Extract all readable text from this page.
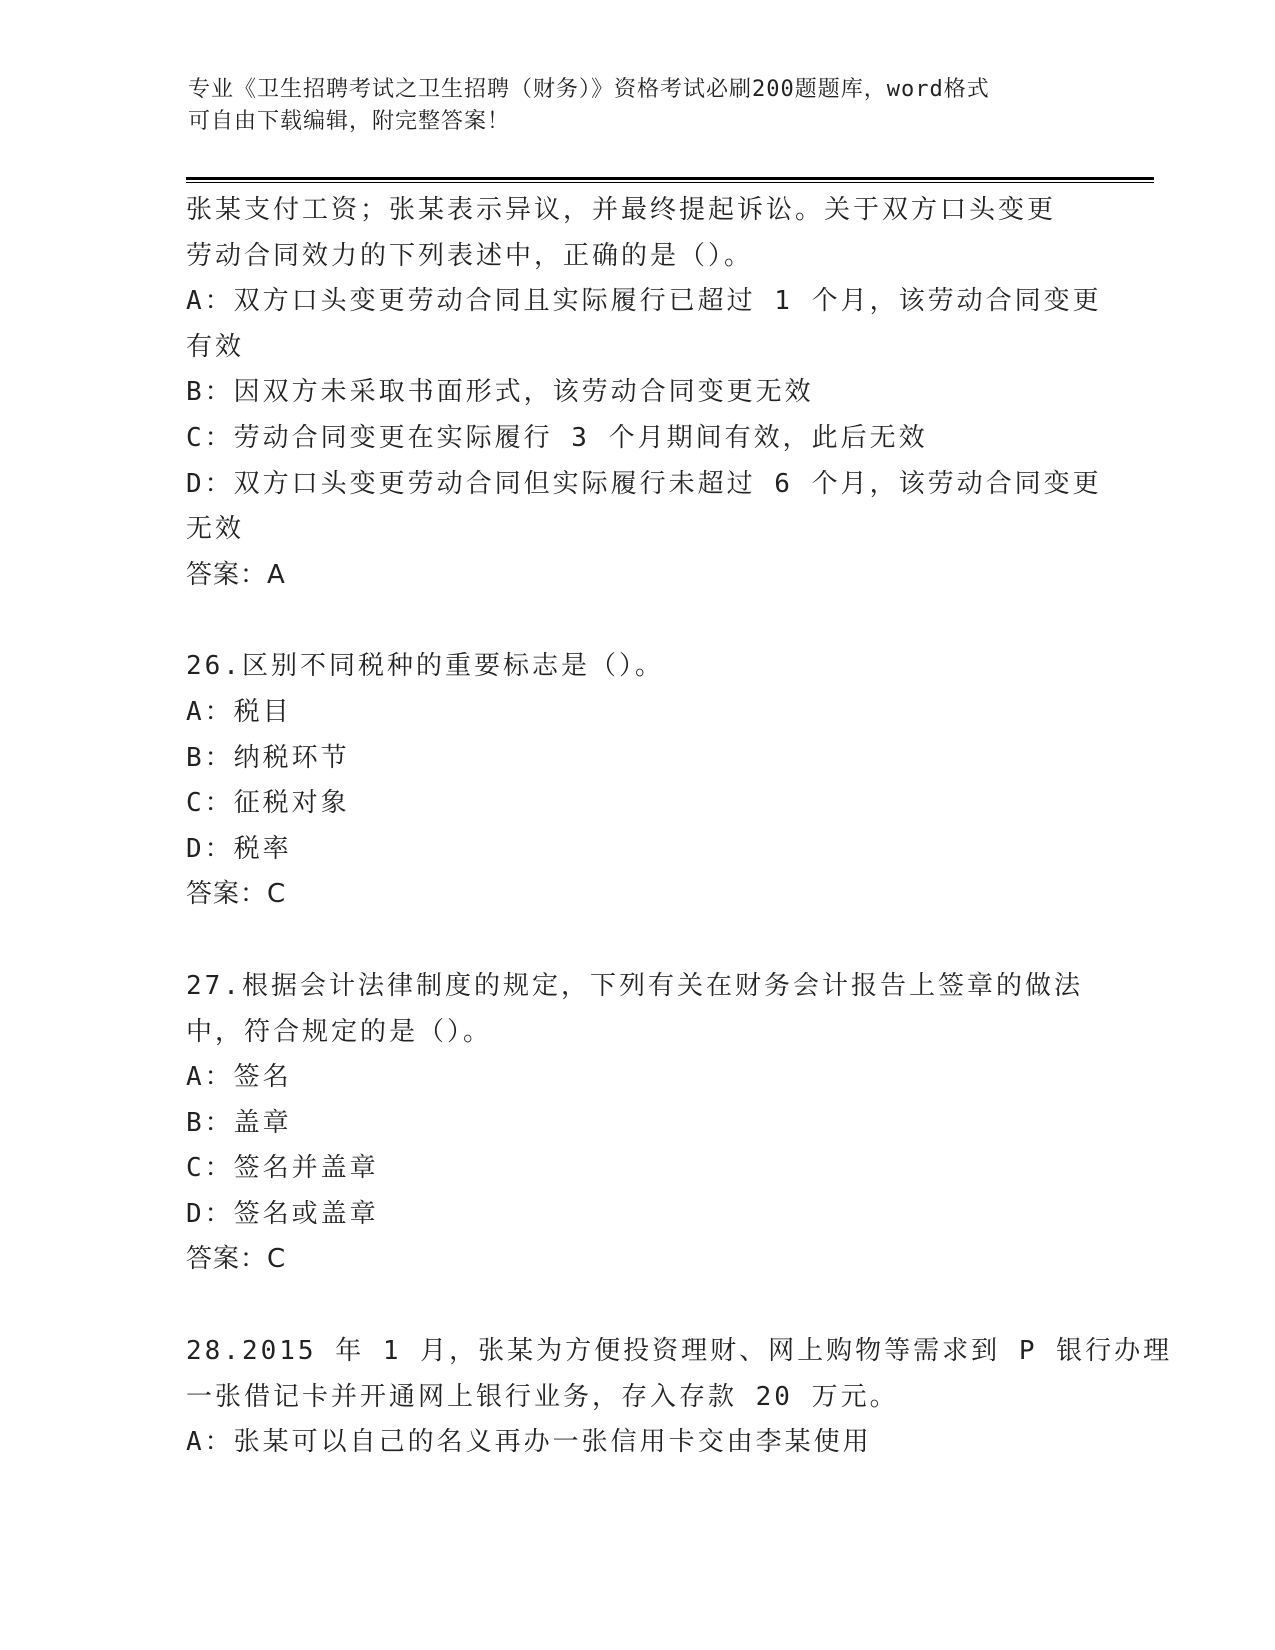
专业《卫生招聘考试之卫生招聘（财务）》资格考试必刷200题题库，word格式
可自由下载编辑，附完整答案！
张某支付工资；张某表示异议，并最终提起诉讼。关于双方口头变更
劳动合同效力的下列表述中，正确的是（）。
A：双方口头变更劳动合同且实际履行已超过 1 个月，该劳动合同变更
有效
B：因双方未采取书面形式，该劳动合同变更无效
C：劳动合同变更在实际履行 3 个月期间有效，此后无效
D：双方口头变更劳动合同但实际履行未超过 6 个月，该劳动合同变更
无效
答案：A
26.区别不同税种的重要标志是（）。
A：税目
B：纳税环节
C：征税对象
D：税率
答案：C
27.根据会计法律制度的规定，下列有关在财务会计报告上签章的做法
中，符合规定的是（）。
A：签名
B：盖章
C：签名并盖章
D：签名或盖章
答案：C
28.2015 年 1 月，张某为方便投资理财、网上购物等需求到 P 银行办理
一张借记卡并开通网上银行业务，存入存款 20 万元。
A：张某可以自己的名义再办一张信用卡交由李某使用
